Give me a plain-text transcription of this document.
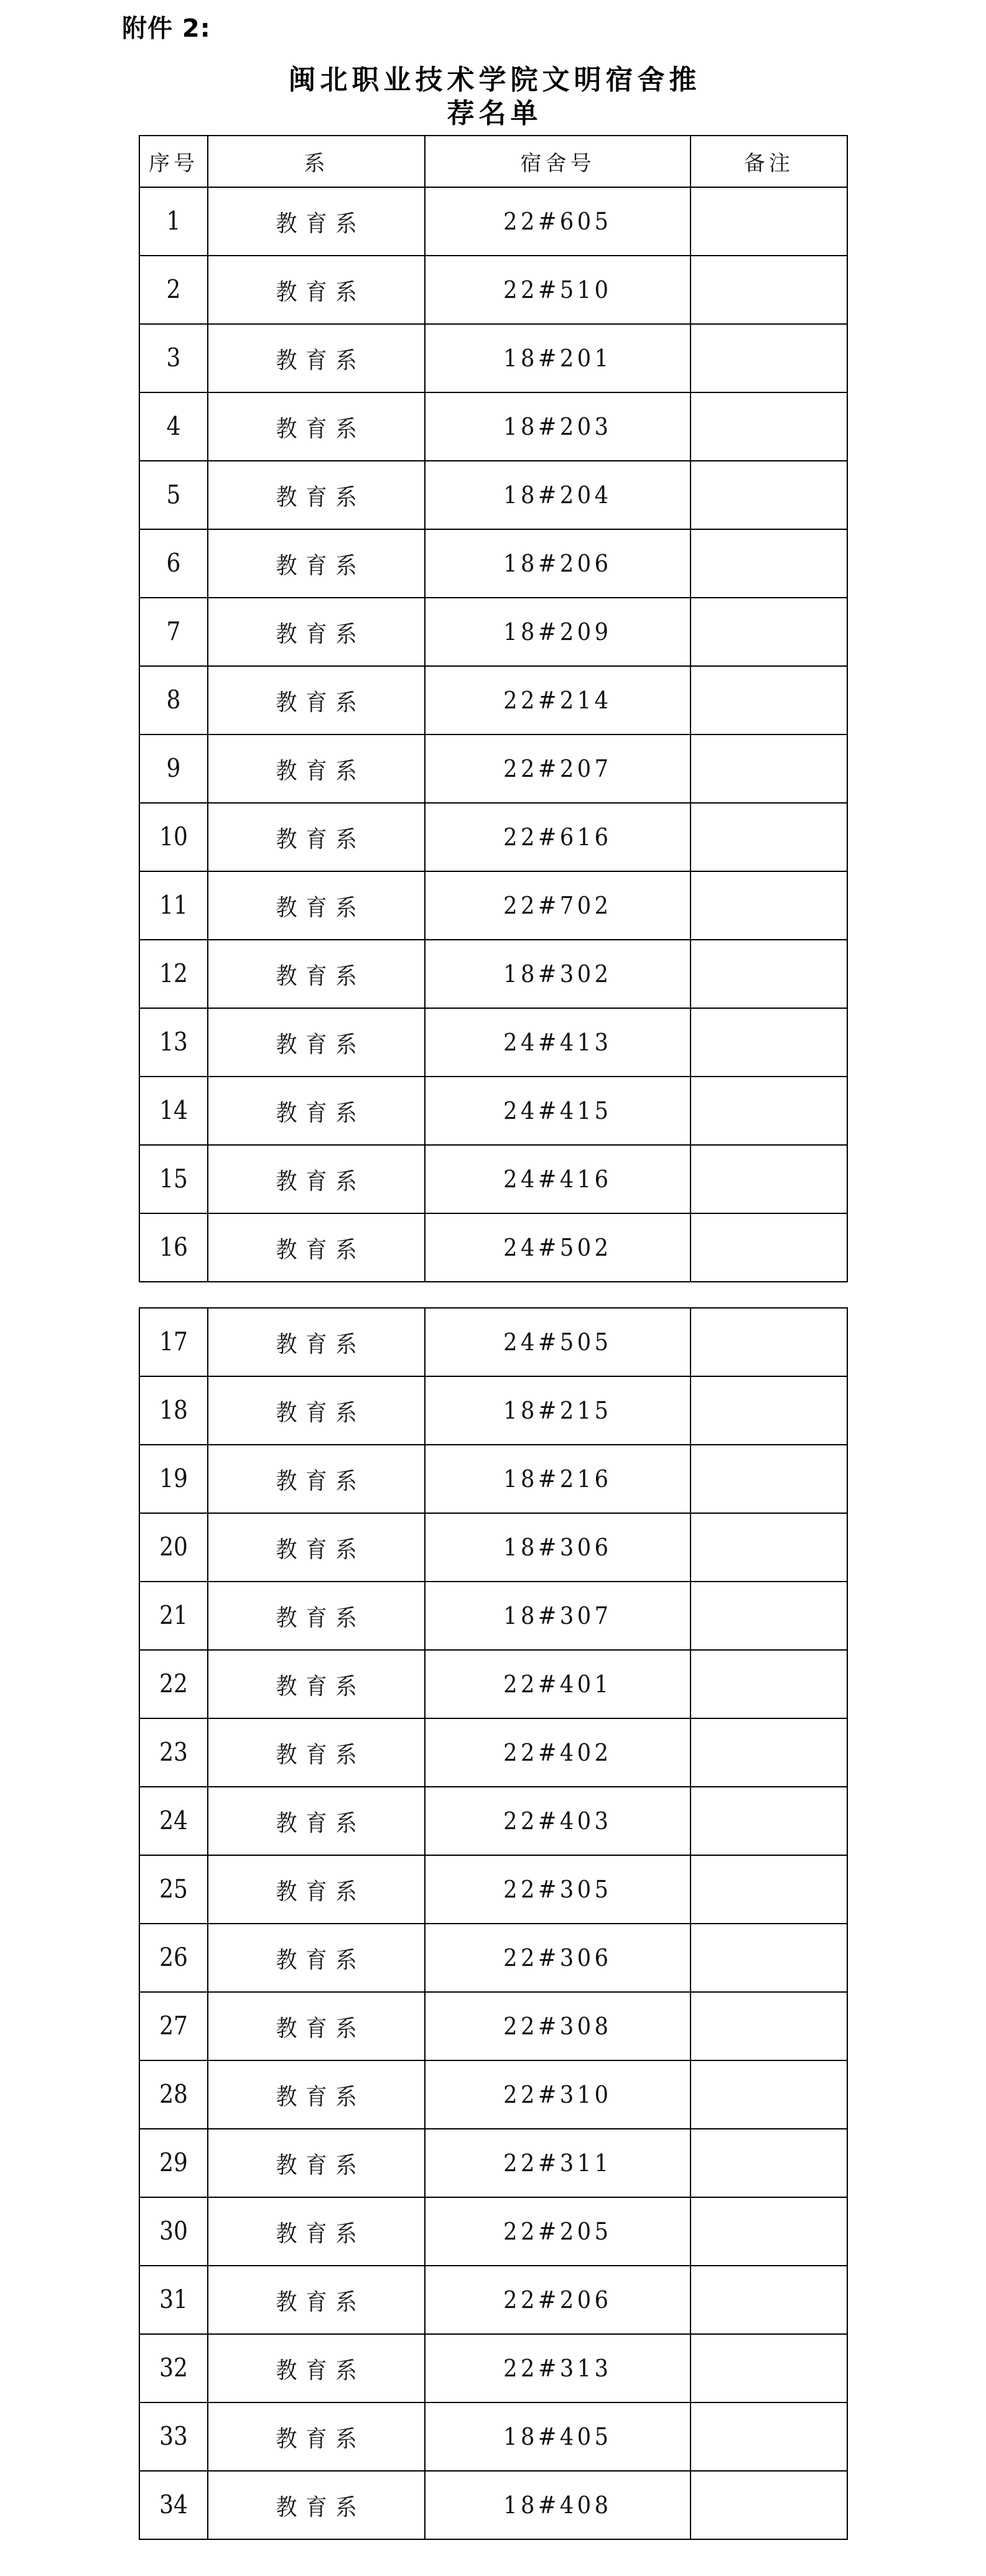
附件 2:
闽北职业技术学院文明宿舍推荐名单
序号	系	宿舍号	备注
1	教育系	22#605	
2	教育系	22#510	
3	教育系	18#201	
4	教育系	18#203	
5	教育系	18#204	
6	教育系	18#206	
7	教育系	18#209	
8	教育系	22#214	
9	教育系	22#207	
10	教育系	22#616	
11	教育系	22#702	
12	教育系	18#302	
13	教育系	24#413	
14	教育系	24#415	
15	教育系	24#416	
16	教育系	24#502	
17	教育系	24#505	
18	教育系	18#215	
19	教育系	18#216	
20	教育系	18#306	
21	教育系	18#307	
22	教育系	22#401	
23	教育系	22#402	
24	教育系	22#403	
25	教育系	22#305	
26	教育系	22#306	
27	教育系	22#308	
28	教育系	22#310	
29	教育系	22#311	
30	教育系	22#205	
31	教育系	22#206	
32	教育系	22#313	
33	教育系	18#405	
34	教育系	18#408	
